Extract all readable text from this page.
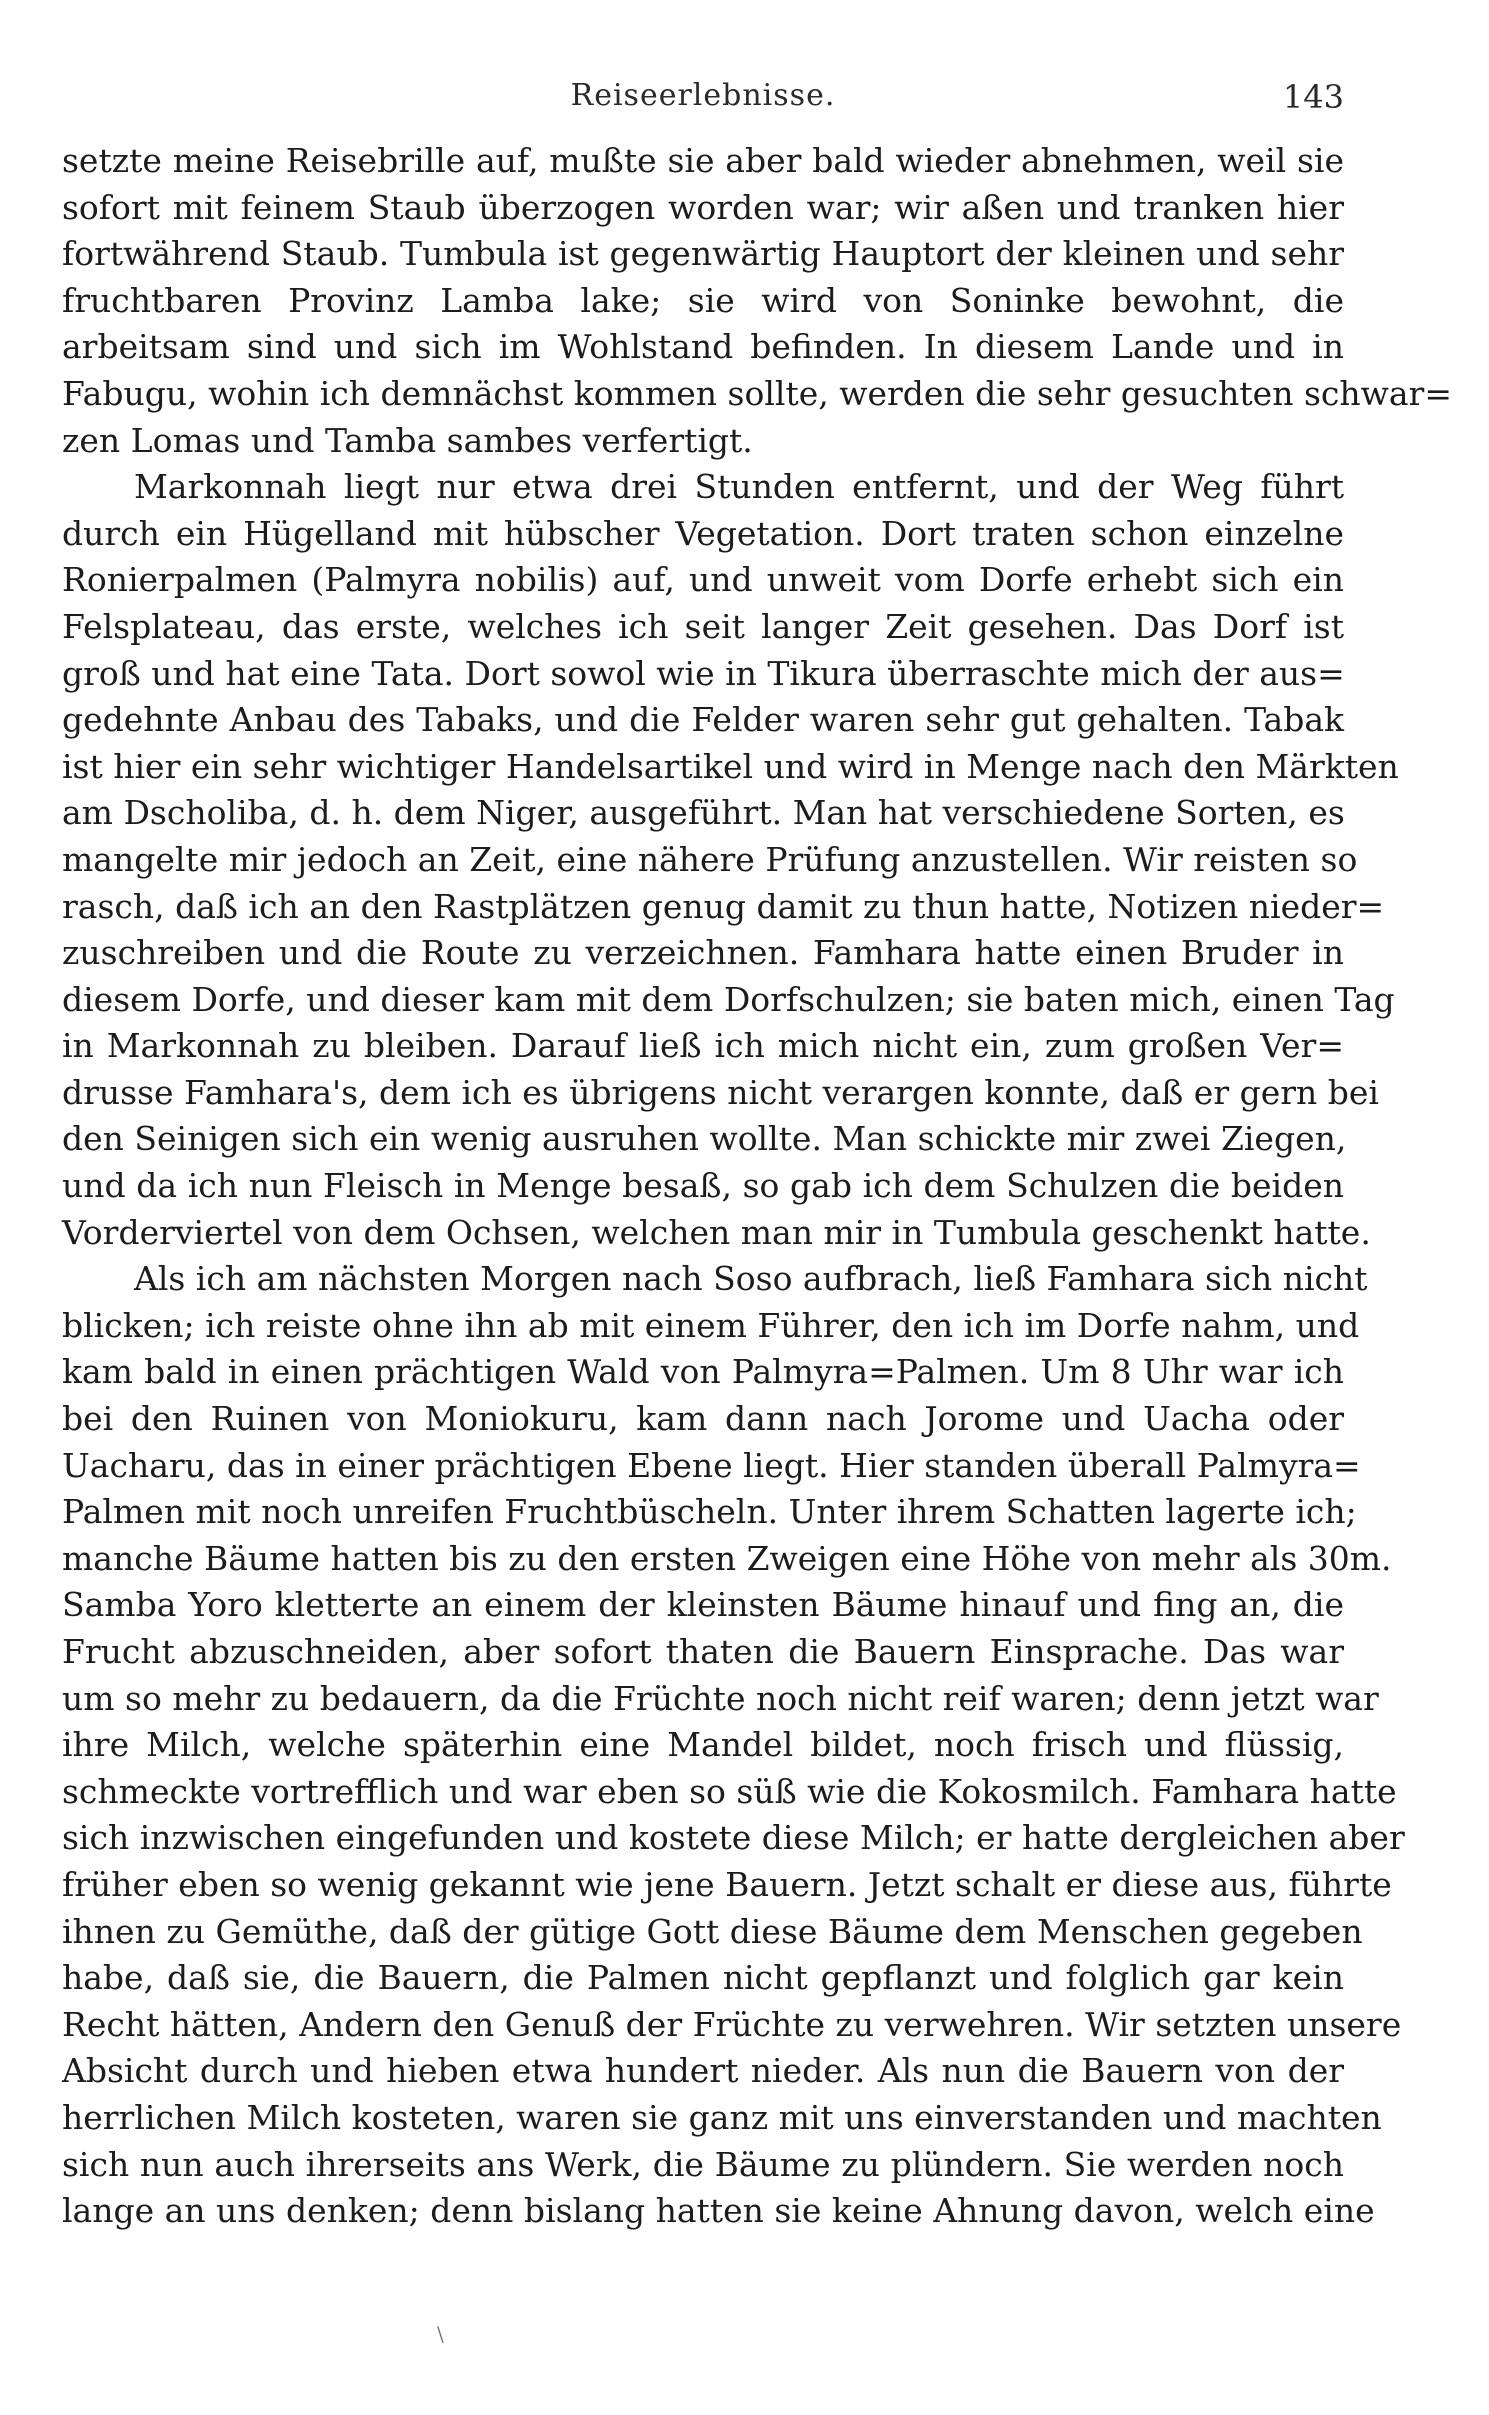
Reiseerlebnisse.	143
setzte meine Reisebrille auf, mußte sie aber bald wieder abnehmen, weil sie
sofort mit feinem Staub überzogen worden war; wir aßen und tranken hier
fortwährend Staub. Tumbula ist gegenwärtig Hauptort der kleinen und sehr
fruchtbaren Provinz Lamba lake; sie wird von Soninke bewohnt, die
arbeitsam sind und sich im Wohlstand befinden. In diesem Lande und in
Fabugu, wohin ich demnächst kommen sollte, werden die sehr gesuchten schwar=
zen Lomas und Tamba sambes verfertigt.
Markonnah liegt nur etwa drei Stunden entfernt, und der Weg führt
durch ein Hügelland mit hübscher Vegetation. Dort traten schon einzelne
Ronierpalmen (Palmyra nobilis) auf, und unweit vom Dorfe erhebt sich ein
Felsplateau, das erste, welches ich seit langer Zeit gesehen. Das Dorf ist
groß und hat eine Tata. Dort sowol wie in Tikura überraschte mich der aus=
gedehnte Anbau des Tabaks, und die Felder waren sehr gut gehalten. Tabak
ist hier ein sehr wichtiger Handelsartikel und wird in Menge nach den Märkten
am Dscholiba, d. h. dem Niger, ausgeführt. Man hat verschiedene Sorten, es
mangelte mir jedoch an Zeit, eine nähere Prüfung anzustellen. Wir reisten so
rasch, daß ich an den Rastplätzen genug damit zu thun hatte, Notizen nieder=
zuschreiben und die Route zu verzeichnen. Famhara hatte einen Bruder in
diesem Dorfe, und dieser kam mit dem Dorfschulzen; sie baten mich, einen Tag
in Markonnah zu bleiben. Darauf ließ ich mich nicht ein, zum großen Ver=
drusse Famhara's, dem ich es übrigens nicht verargen konnte, daß er gern bei
den Seinigen sich ein wenig ausruhen wollte. Man schickte mir zwei Ziegen,
und da ich nun Fleisch in Menge besaß, so gab ich dem Schulzen die beiden
Vorderviertel von dem Ochsen, welchen man mir in Tumbula geschenkt hatte.
Als ich am nächsten Morgen nach Soso aufbrach, ließ Famhara sich nicht
blicken; ich reiste ohne ihn ab mit einem Führer, den ich im Dorfe nahm, und
kam bald in einen prächtigen Wald von Palmyra=Palmen. Um 8 Uhr war ich
bei den Ruinen von Moniokuru, kam dann nach Jorome und Uacha oder
Uacharu, das in einer prächtigen Ebene liegt. Hier standen überall Palmyra=
Palmen mit noch unreifen Fruchtbüscheln. Unter ihrem Schatten lagerte ich;
manche Bäume hatten bis zu den ersten Zweigen eine Höhe von mehr als 30m.
Samba Yoro kletterte an einem der kleinsten Bäume hinauf und fing an, die
Frucht abzuschneiden, aber sofort thaten die Bauern Einsprache. Das war
um so mehr zu bedauern, da die Früchte noch nicht reif waren; denn jetzt war
ihre Milch, welche späterhin eine Mandel bildet, noch frisch und flüssig,
schmeckte vortrefflich und war eben so süß wie die Kokosmilch. Famhara hatte
sich inzwischen eingefunden und kostete diese Milch; er hatte dergleichen aber
früher eben so wenig gekannt wie jene Bauern. Jetzt schalt er diese aus, führte
ihnen zu Gemüthe, daß der gütige Gott diese Bäume dem Menschen gegeben
habe, daß sie, die Bauern, die Palmen nicht gepflanzt und folglich gar kein
Recht hätten, Andern den Genuß der Früchte zu verwehren. Wir setzten unsere
Absicht durch und hieben etwa hundert nieder. Als nun die Bauern von der
herrlichen Milch kosteten, waren sie ganz mit uns einverstanden und machten
sich nun auch ihrerseits ans Werk, die Bäume zu plündern. Sie werden noch
lange an uns denken; denn bislang hatten sie keine Ahnung davon, welch eine
\
